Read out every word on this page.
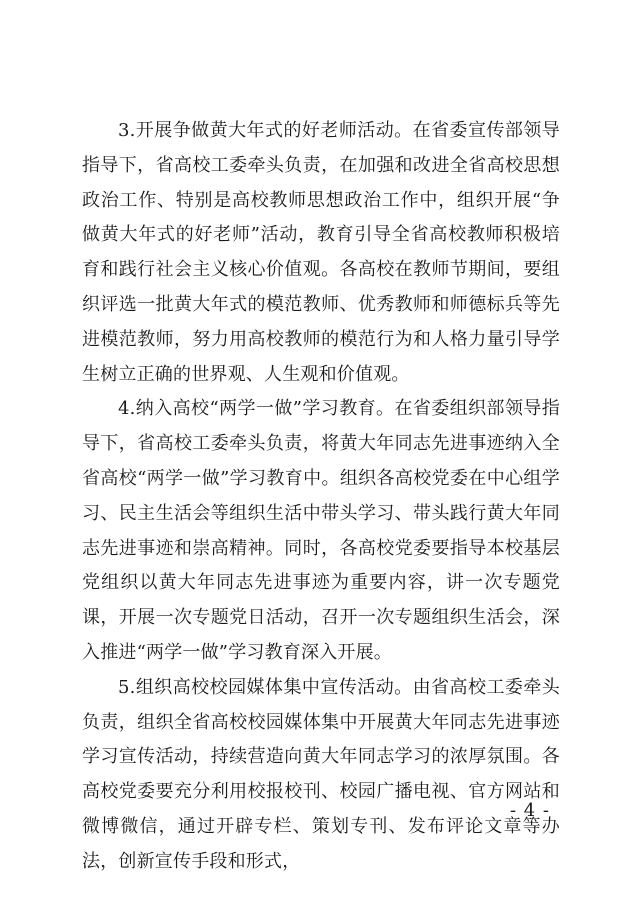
3.开展争做黄大年式的好老师活动。在省委宣传部领导指导下，省高校工委牵头负责，在加强和改进全省高校思想政治工作、特别是高校教师思想政治工作中，组织开展“争做黄大年式的好老师”活动，教育引导全省高校教师积极培育和践行社会主义核心价值观。各高校在教师节期间，要组织评选一批黄大年式的模范教师、优秀教师和师德标兵等先进模范教师，努力用高校教师的模范行为和人格力量引导学生树立正确的世界观、人生观和价值观。

4.纳入高校“两学一做”学习教育。在省委组织部领导指导下，省高校工委牵头负责，将黄大年同志先进事迹纳入全省高校“两学一做”学习教育中。组织各高校党委在中心组学习、民主生活会等组织生活中带头学习、带头践行黄大年同志先进事迹和崇高精神。同时，各高校党委要指导本校基层党组织以黄大年同志先进事迹为重要内容，讲一次专题党课，开展一次专题党日活动，召开一次专题组织生活会，深入推进“两学一做”学习教育深入开展。

5.组织高校校园媒体集中宣传活动。由省高校工委牵头负责，组织全省高校校园媒体集中开展黄大年同志先进事迹学习宣传活动，持续营造向黄大年同志学习的浓厚氛围。各高校党委要充分利用校报校刊、校园广播电视、官方网站和微博微信，通过开辟专栏、策划专刊、发布评论文章等办法，创新宣传手段和形式，

- 4 -
